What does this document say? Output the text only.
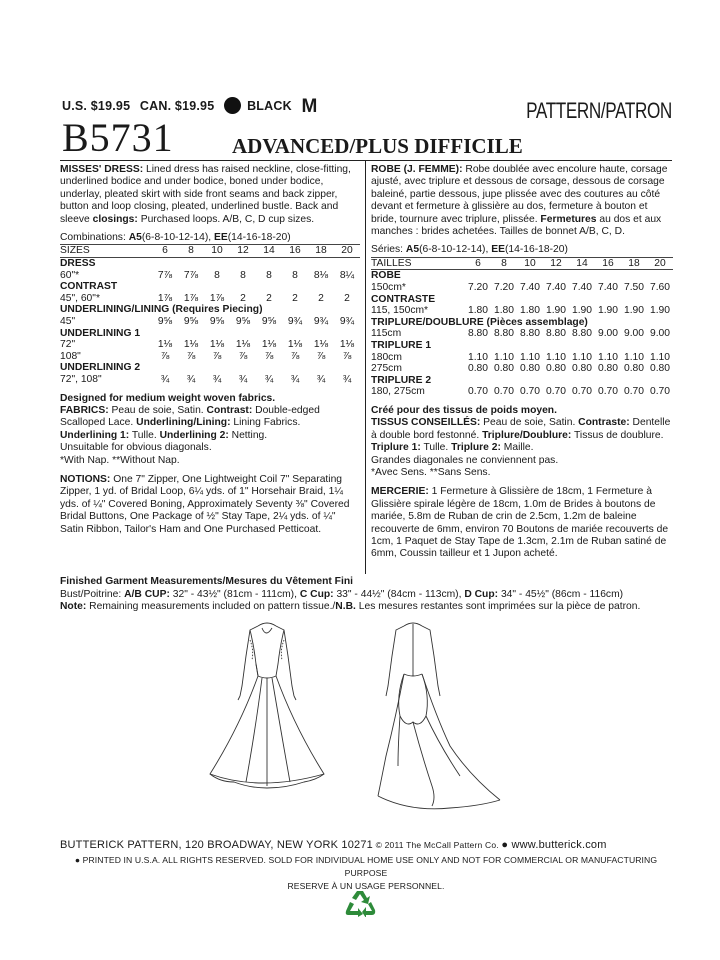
U.S. $19.95 CAN. $19.95	BLACK M
B5731	ADVANCED/PLUS DIFFICILE
PATTERN/PATRON

MISSES' DRESS: Lined dress has raised neckline, close-fitting, underlined bodice and under bodice, boned under bodice, underlay, pleated skirt with side front seams and back zipper, button and loop closing, pleated, underlined bustle. Back and sleeve closings: Purchased loops. A/B, C, D cup sizes.

Combinations: A5(6-8-10-12-14), EE(14-16-18-20)

SIZES	6	8	10	12	14	16	18	20
DRESS								
60"*	7⅞	7⅞	8	8	8	8	8⅛	8¼
CONTRAST								
45", 60"*	1⅞	1⅞	1⅞	2	2	2	2	2
UNDERLINING/LINING (Requires Piecing)								
45"	9⅝	9⅝	9⅝	9⅝	9⅝	9¾	9¾	9¾
UNDERLINING 1								
72"	1⅛	1⅛	1⅛	1⅛	1⅛	1⅛	1⅛	1⅛
108"	⅞	⅞	⅞	⅞	⅞	⅞	⅞	⅞
UNDERLINING 2								
72", 108"	¾	¾	¾	¾	¾	¾	¾	¾

Designed for medium weight woven fabrics.

FABRICS: Peau de soie, Satin. Contrast: Double-edged Scalloped Lace. Underlining/Lining: Lining Fabrics. Underlining 1: Tulle. Underlining 2: Netting.

Unsuitable for obvious diagonals.

*With Nap. **Without Nap.

NOTIONS: One 7" Zipper, One Lightweight Coil 7" Separating Zipper, 1 yd. of Bridal Loop, 6¼ yds. of 1" Horsehair Braid, 1¼ yds. of ¼" Covered Boning, Approximately Seventy ⅜" Covered Bridal Buttons, One Package of ½" Stay Tape, 2¼ yds. of ¼" Satin Ribbon, Tailor's Ham and One Purchased Petticoat.

ROBE (J. FEMME): Robe doublée avec encolure haute, corsage ajusté, avec triplure et dessous de corsage, dessous de corsage baleiné, partie dessous, jupe plissée avec des coutures au côté devant et fermeture à glissière au dos, fermeture à bouton et bride, tournure avec triplure, plissée. Fermetures au dos et aux manches : brides achetées. Tailles de bonnet A/B, C, D.

Séries: A5(6-8-10-12-14), EE(14-16-18-20)

TAILLES	6	8	10	12	14	16	18	20
ROBE								
150cm*	7.20	7.20	7.40	7.40	7.40	7.40	7.50	7.60
CONTRASTE								
115, 150cm*	1.80	1.80	1.80	1.90	1.90	1.90	1.90	1.90
TRIPLURE/DOUBLURE (Pièces assemblage)								
115cm	8.80	8.80	8.80	8.80	8.80	9.00	9.00	9.00
TRIPLURE 1								
180cm	1.10	1.10	1.10	1.10	1.10	1.10	1.10	1.10
275cm	0.80	0.80	0.80	0.80	0.80	0.80	0.80	0.80
TRIPLURE 2								
180, 275cm	0.70	0.70	0.70	0.70	0.70	0.70	0.70	0.70

Créé pour des tissus de poids moyen.

TISSUS CONSEILLÉS: Peau de soie, Satin. Contraste: Dentelle à double bord festonné. Triplure/Doublure: Tissus de doublure. Triplure 1: Tulle. Triplure 2: Maille.

Grandes diagonales ne conviennent pas.

*Avec Sens. **Sans Sens.

MERCERIE: 1 Fermeture à Glissière de 18cm, 1 Fermeture à Glissière spirale légère de 18cm, 1.0m de Brides à boutons de mariée, 5.8m de Ruban de crin de 2.5cm, 1.2m de baleine recouverte de 6mm, environ 70 Boutons de mariée recouverts de 1cm, 1 Paquet de Stay Tape de 1.3cm, 2.1m de Ruban satiné de 6mm, Coussin tailleur et 1 Jupon acheté.

Finished Garment Measurements/Mesures du Vêtement Fini

Bust/Poitrine: A/B CUP: 32" - 43½" (81cm - 111cm), C Cup: 33" - 44½" (84cm - 113cm), D Cup: 34" - 45½" (86cm - 116cm)

Note: Remaining measurements included on pattern tissue./N.B. Les mesures restantes sont imprimées sur la pièce de patron.

BUTTERICK PATTERN, 120 BROADWAY, NEW YORK 10271 © 2011 The McCall Pattern Co. ● www.butterick.com

● PRINTED IN U.S.A. ALL RIGHTS RESERVED. SOLD FOR INDIVIDUAL HOME USE ONLY AND NOT FOR COMMERCIAL OR MANUFACTURING PURPOSE

RESERVE À UN USAGE PERSONNEL.
